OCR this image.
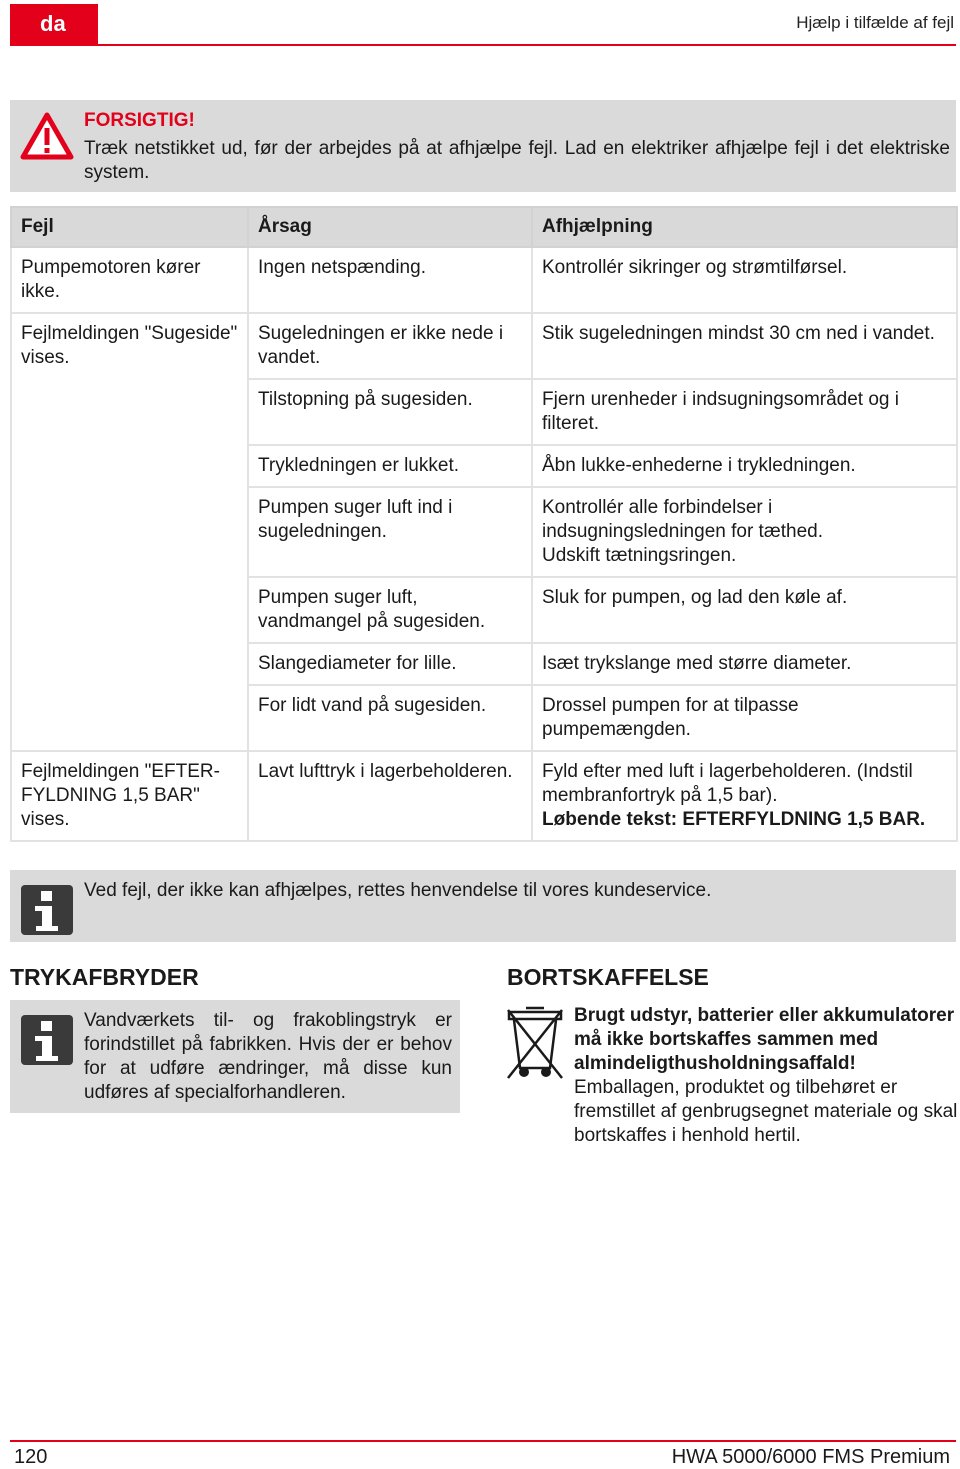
da	Hjælp i tilfælde af fejl
FORSIGTIG!
Træk netstikket ud, før der arbejdes på at afhjælpe fejl. Lad en elektriker afhjælpe fejl i det elektriske system.
Fejl	Årsag	Afhjælpning
Pumpemotoren kører ikke.	Ingen netspænding.	Kontrollér sikringer og strømtilførsel.
Fejlmeldingen "Sugeside" vises.	Sugeledningen er ikke nede i vandet.	Stik sugeledningen mindst 30 cm ned i vandet.
	Tilstopning på sugesiden.	Fjern urenheder i indsugningsområdet og i filteret.
	Trykledningen er lukket.	Åbn lukke-enhederne i trykledningen.
	Pumpen suger luft ind i sugeledningen.	Kontrollér alle forbindelser i indsugningsledningen for tæthed.
Udskift tætningsringen.

	Pumpen suger luft, vandmangel på sugesiden.	Sluk for pumpen, og lad den køle af.
	Slangediameter for lille.	Isæt trykslange med større diameter.
	For lidt vand på sugesiden.	Drossel pumpen for at tilpasse pumpemængden.
Fejlmeldingen "EFTERFYLDNING 1,5 BAR" vises.	Lavt lufttryk i lagerbeholderen.	Fyld efter med luft i lagerbeholderen. (Indstil membranfortryk på 1,5 bar).
Løbende tekst: EFTERFYLDNING 1,5 BAR.
Ved fejl, der ikke kan afhjælpes, rettes henvendelse til vores kundeservice.
TRYKAFBRYDER
Vandværkets til- og frakoblingstryk er forindstillet på fabrikken. Hvis der er behov for at udføre ændringer, må disse kun udføres af specialforhandleren.
BORTSKAFFELSE
Brugt udstyr, batterier eller akkumulatorer må ikke bortskaffes sammen med almindeligthusholdningsaffald!
Emballagen, produktet og tilbehøret er fremstillet af genbrugsegnet materiale og skal bortskaffes i henhold hertil.
120	HWA 5000/6000 FMS Premium
